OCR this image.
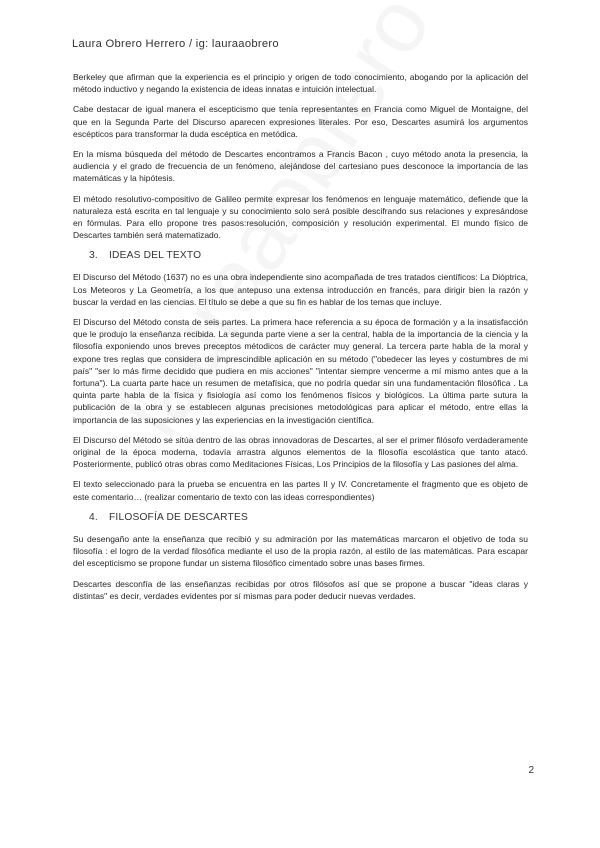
Laura Obrero Herrero / ig: lauraaobrero

Berkeley que afirman que la experiencia es el principio y origen de todo conocimiento, abogando por la aplicación del método inductivo y negando la existencia de ideas innatas e intuición intelectual.

Cabe destacar de igual manera el escepticismo que tenía representantes en Francia como Miguel de Montaigne, del que en la Segunda Parte del Discurso aparecen expresiones literales. Por eso, Descartes asumirá los argumentos escépticos para transformar la duda escéptica en metódica.

En la misma búsqueda del método de Descartes encontramos a Francis Bacon , cuyo método anota la presencia, la audiencia y el grado de frecuencia de un fenómeno, alejándose del cartesiano pues desconoce la importancia de las matemáticas y la hipótesis.

El método resolutivo-compositivo de Galileo permite expresar los fenómenos en lenguaje matemático, defiende que la naturaleza está escrita en tal lenguaje y su conocimiento solo será posible descifrando sus relaciones y expresándose en fórmulas. Para ello propone tres pasos:resolución, composición y resolución experimental. El mundo físico de Descartes también será matematizado.

3. IDEAS DEL TEXTO

El Discurso del Método (1637) no es una obra independiente sino acompañada de tres tratados científicos: La Dióptrica, Los Meteoros y La Geometría, a los que antepuso una extensa introducción en francés, para dirigir bien la razón y buscar la verdad en las ciencias. El título se debe a que su fin es hablar de los temas que incluye.

El Discurso del Método consta de seis partes. La primera hace referencia a su época de formación y a la insatisfacción que le produjo la enseñanza recibida. La segunda parte viene a ser la central, habla de la importancia de la ciencia y la filosofía exponiendo unos breves preceptos métodicos de carácter muy general. La tercera parte habla de la moral y expone tres reglas que considera de imprescindible aplicación en su método ("obedecer las leyes y costumbres de mi país" "ser lo más firme decidido que pudiera en mis acciones" "intentar siempre vencerme a mí mismo antes que a la fortuna"). La cuarta parte hace un resumen de metafísica, que no podría quedar sin una fundamentación filosófica . La quinta parte habla de la física y fisiología así como los fenómenos físicos y biológicos. La última parte sutura la publicación de la obra y se establecen algunas precisiones metodológicas para aplicar el método, entre ellas la importancia de las suposiciones y las experiencias en la investigación científica.

El Discurso del Método se sitúa dentro de las obras innovadoras de Descartes, al ser el primer filósofo verdaderamente original de la época moderna, todavía arrastra algunos elementos de la filosofía escolástica que tanto atacó. Posteriormente, publicó otras obras como Meditaciones Físicas, Los Principios de la filosofía y Las pasiones del alma.

El texto seleccionado para la prueba se encuentra en las partes II y IV. Concretamente el fragmento que es objeto de este comentario… (realizar comentario de texto con las ideas correspondientes)

4. FILOSOFÍA DE DESCARTES

Su desengaño ante la enseñanza que recibió y su admiración por las matemáticas marcaron el objetivo de toda su filosofía : el logro de la verdad filosófica mediante el uso de la propia razón, al estilo de las matemáticas. Para escapar del escepticismo se propone fundar un sistema filosófico cimentado sobre unas bases firmes.

Descartes desconfía de las enseñanzas recibidas por otros filósofos así que se propone a buscar "ideas claras y distintas" es decir, verdades evidentes por sí mismas para poder deducir nuevas verdades.

2
